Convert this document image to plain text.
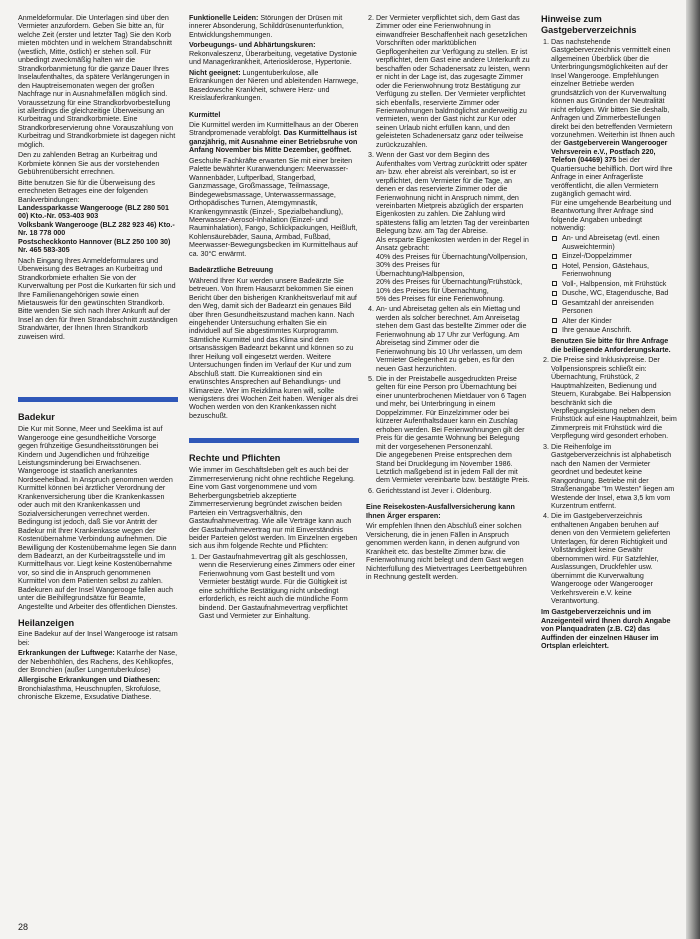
Anmeldeformular. Die Unterlagen sind über den Vermieter anzufordern. Geben Sie bitte an, für welche Zeit (erster und letzter Tag) Sie den Korb mieten möchten und in welchem Strandabschnitt (westlich, Mitte, östlich) er stehen soll. Für unbedingt zweckmäßig halten wir die Strandkorbanmietung für die ganze Dauer Ihres Inselaufenthaltes, da spätere Verlängerungen in den Hauptreisemonaten wegen der großen Nachfrage nur in Ausnahmefällen möglich sind. Voraussetzung für eine Strandkorbvorbestellung ist allerdings die gleichzeitige Überweisung an Kurbeitrag und Strandkorbmiete. Eine Strandkorbreservierung ohne Vorauszahlung von Kurbeitrag und Strandkorbmiete ist dagegen nicht möglich.

Den zu zahlenden Betrag an Kurbeitrag und Korbmiete können Sie aus der vorstehenden Gebührenübersicht errechnen.

Bitte benutzen Sie für die Überweisung des errechneten Betrages eine der folgenden Bankverbindungen:

Landessparkasse Wangerooge (BLZ 280 501 00) Kto.-Nr. 053-403 903

Volksbank Wangerooge (BLZ 282 923 46) Kto.-Nr. 18 778 000

Postscheckkonto Hannover (BLZ 250 100 30) Nr. 465 583-305

Nach Eingang Ihres Anmeldeformulares und Überweisung des Betrages an Kurbeitrag und Strandkorbmiete erhalten Sie von der Kurverwaltung per Post die Kurkarten für sich und Ihre Familienangehörigen sowie einen Mietausweis für den gewünschten Strandkorb. Bitte wenden Sie sich nach Ihrer Ankunft auf der Insel an den für Ihren Strandabschnitt zuständigen Strandwärter, der Ihnen Ihren Strandkorb zuweisen wird.

Badekur

Die Kur mit Sonne, Meer und Seeklima ist auf Wangerooge eine gesundheitliche Vorsorge gegen frühzeitige Gesundheitsstörungen bei Kindern und Jugendlichen und frühzeitige Leistungsminderung bei Erwachsenen. Wangerooge ist staatlich anerkanntes Nordseeheilbad. In Anspruch genommen werden Kurmittel können bei ärztlicher Verordnung der Krankenversicherung über die Krankenkassen oder auch mit den Krankenkassen und Sozialversicherungen verrechnet werden. Bedingung ist jedoch, daß Sie vor Antritt der Badekur mit Ihrer Krankenkasse wegen der Kostenübernahme Verbindung aufnehmen. Die Bewilligung der Kostenübernahme legen Sie dann dem Badearzt, an der Kurbeitragsstelle und im Kurmittelhaus vor. Liegt keine Kostenübernahme vor, so sind die in Anspruch genommenen Kurmittel von dem Patienten selbst zu zahlen. Badekuren auf der Insel Wangerooge fallen auch unter die Beihilfegrundsätze für Beamte, Angestellte und Arbeiter des öffentlichen Dienstes.

Heilanzeigen

Eine Badekur auf der Insel Wangerooge ist ratsam bei:

Erkrankungen der Luftwege: Katarrhe der Nase, der Nebenhöhlen, des Rachens, des Kehlkopfes, der Bronchien (außer Lungentuberkulose)

Allergische Erkrankungen und Diathesen: Bronchialasthma, Heuschnupfen, Skrofulose, chronische Ekzeme, Exsudative Diathese.

Funktionelle Leiden: Störungen der Drüsen mit innerer Absonderung, Schilddrüsenunterfunktion, Entwicklungshemmungen.

Vorbeugungs- und Abhärtungskuren: Rekonvaleszenz, Überarbeitung, vegetative Dystonie und Managerkrankheit, Arteriosklerose, Hypertonie.

Nicht geeignet: Lungentuberkulose, alle Erkrankungen der Nieren und ableitenden Harnwege, Basedowsche Krankheit, schwere Herz- und Kreislauferkrankungen.

Kurmittel

Die Kurmittel werden im Kurmittelhaus an der Oberen Strandpromenade verabfolgt. Das Kurmittelhaus ist ganzjährig, mit Ausnahme einer Betriebsruhe von Anfang November bis Mitte Dezember, geöffnet.

Geschulte Fachkräfte erwarten Sie mit einer breiten Palette bewährter Kuranwendungen: Meerwasser-Wannenbäder, Luftperlbad, Stangerbad, Ganzmassage, Großmassage, Teilmassage, Bindegewebsmassage, Unterwassermassage, Orthopädisches Turnen, Atemgymnastik, Krankengymnastik (Einzel-, Spezialbehandlung), Meerwasser-Aerosol-Inhalation (Einzel- und Rauminhalation), Fango, Schlickpackungen, Heißluft, Kohlensäurebäder, Sauna, Armbad, Fußbad, Meerwasser-Bewegungsbecken im Kurmittelhaus auf ca. 30°C erwärmt.

Badeärztliche Betreuung

Während Ihrer Kur werden unsere Badeärzte Sie betreuen. Von Ihrem Hausarzt bekommen Sie einen Bericht über den bisherigen Krankheitsverlauf mit auf den Weg, damit sich der Badearzt ein genaues Bild über Ihren Gesundheitszustand machen kann. Nach eingehender Untersuchung erhalten Sie ein individuell auf Sie abgestimmtes Kurprogramm. Sämtliche Kurmittel und das Klima sind dem ortsansässigen Badearzt bekannt und können so zu Ihrer Heilung voll eingesetzt werden. Weitere Untersuchungen finden im Verlauf der Kur und zum Abschluß statt. Die Kurreaktionen sind ein erwünschtes Ansprechen auf Behandlungs- und Klimareize. Wer im Reizklima kuren will, sollte wenigstens drei Wochen Zeit haben. Weniger als drei Wochen werden von den Krankenkassen nicht bezuschußt.

Rechte und Pflichten

Wie immer im Geschäftsleben gelt es auch bei der Zimmerreservierung nicht ohne rechtliche Regelung. Eine vom Gast vorgenommene und vom Beherbergungsbetrieb akzeptierte Zimmerreservierung begründet zwischen beiden Parteien ein Vertragsverhältnis, den Gastaufnahmevertrag. Wie alle Verträge kann auch der Gastaufnahmevertrag nur mit Einverständnis beider Parteien gelöst werden. Im Einzelnen ergeben sich aus ihm folgende Rechte und Pflichten:

1. Der Gastaufnahmevertrag gilt als geschlossen, wenn die Reservierung eines Zimmers oder einer Ferienwohnung vom Gast bestellt und vom Vermieter bestätigt wurde. Für die Gültigkeit ist eine schriftliche Bestätigung nicht unbedingt erforderlich, es reicht auch die mündliche Form bindend. Der Gastaufnahmevertrag verpflichtet Gast und Vermieter zur Einhaltung.
2. Der Vermieter verpflichtet sich, dem Gast das Zimmer oder eine Ferienwohnung in einwandfreier Beschaffenheit nach gesetzlichen Vorschriften oder marktüblichen Gepflogenheiten zur Verfügung zu stellen. Er ist verpflichtet, dem Gast eine andere Unterkunft zu beschaffen oder Schadenersatz zu leisten, wenn er nicht in der Lage ist, das zugesagte Zimmer oder die Ferienwohnung trotz Bestätigung zur Verfügung zu stellen. Der Vermieter verpflichtet sich ebenfalls, reservierte Zimmer oder Ferienwohnungen baldmöglichst anderweitig zu vermieten, wenn der Gast nicht zur Kur oder seinen Urlaub nicht erfüllen kann, und den geleisteten Schadenersatz ganz oder teilweise zurückzuzahlen.
3. Wenn der Gast vor dem Beginn des Aufenthaltes vom Vertrag zurücktritt oder später an- bzw. eher abreist als vereinbart, so ist er verpflichtet, dem Vermieter für die Tage, an denen er das reservierte Zimmer oder die Ferienwohnung nicht in Anspruch nimmt, den vereinbarten Mietpreis abzüglich der ersparten Eigenkosten zu zahlen. Die Zahlung wird spätestens fällig am letzten Tag der vereinbarten Belegung bzw. am Tag der Abreise.
Als ersparte Eigenkosten werden in der Regel in Ansatz gebracht:
40% des Preises für Übernachtung/Vollpension,
30% des Preises für Übernachtung/Halbpension,
20% des Preises für Übernachtung/Frühstück,
10% des Preises für Übernachtung,
5% des Preises für eine Ferienwohnung.
4. An- und Abreisetag gelten als ein Miettag und werden als solcher berechnet. Am Anreisetag stehen dem Gast das bestellte Zimmer oder die Ferienwohnung ab 17 Uhr zur Verfügung. Am Abreisetag sind Zimmer oder die Ferienwohnung bis 10 Uhr verlassen, um dem Vermieter Gelegenheit zu geben, es für den neuen Gast herzurichten.
5. Die in der Preistabelle ausgedruckten Preise gelten für eine Person pro Übernachtung bei einer ununterbrochenen Mietdauer von 6 Tagen und mehr, bei Unterbringung in einem Doppelzimmer. Für Einzelzimmer oder bei kürzerer Aufenthaltsdauer kann ein Zuschlag erhoben werden. Bei Ferienwohnungen gilt der Preis für die gesamte Wohnung bei Belegung mit der vorgesehenen Personenzahl.
Die angegebenen Preise entsprechen dem Stand bei Drucklegung im November 1986. Letztlich maßgebend ist in jedem Fall der mit dem Vermieter vereinbarte bzw. bestätigte Preis.
6. Gerichtsstand ist Jever i. Oldenburg.

Eine Reisekosten-Ausfallversicherung kann Ihnen Ärger ersparen:

Wir empfehlen Ihnen den Abschluß einer solchen Versicherung, die in jenen Fällen in Anspruch genommen werden kann, in denen aufgrund von Krankheit etc. das bestellte Zimmer bzw. die Ferienwohnung nicht belegt und dem Gast wegen Nichterfüllung des Mietvertrages Leerbettgebühren in Rechnung gestellt werden.

Hinweise zum Gastgeberverzeichnis

1. Das nachstehende Gastgeberverzeichnis vermittelt einen allgemeinen Überblick über die Unterbringungsmöglichkeiten auf der Insel Wangerooge. Empfehlungen einzelner Betriebe werden grundsätzlich von der Kurverwaltung können aus Gründen der Neutralität nicht erfolgen. Wir bitten Sie deshalb, Anfragen und Zimmerbestellungen direkt bei den betreffenden Vermietern vorzunehmen. Weiterhin ist Ihnen auch der Gastgeberverein Wangerooger Vehrsverein e.V., Postfach 220, Telefon (04469) 375 bei der Quartiersuche behilflich. Dort wird Ihre Anfrage in einer Anfragerliste veröffentlicht, die allen Vermietern zugänglich gemacht wird.
Für eine umgehende Bearbeitung und Beantwortung Ihrer Anfrage sind folgende Angaben unbedingt notwendig:
An- und Abreisetag (evtl. einen Ausweichtermin)
Einzel-/Doppelzimmer
Hotel, Pension, Gästehaus, Ferienwohnung
Voll-, Halbpension, mit Frühstück
Dusche, WC, Etagendusche, Bad
Gesamtzahl der anreisenden Personen
Alter der Kinder
Ihre genaue Anschrift.
Benutzen Sie bitte für Ihre Anfrage die beiliegende Anforderungskarte.
2. Die Preise sind Inklusivpreise. Der Vollpensionspreis schließt ein: Übernachtung, Frühstück, 2 Hauptmahlzeiten, Bedienung und Steuern, Kurabgabe. Bei Halbpension beschränkt sich die Verpflegungsleistung neben dem Frühstück auf eine Hauptmahlzeit, beim Zimmerpreis mit Frühstück wird die Verpflegung wird gesondert erhoben.
3. Die Reihenfolge im Gastgeberverzeichnis ist alphabetisch nach den Namen der Vermieter geordnet und bedeutet keine Rangordnung. Betriebe mit der Straßenangabe "Im Westen" liegen am Westende der Insel, etwa 3,5 km vom Kurzentrum entfernt.
4. Die im Gastgeberverzeichnis enthaltenen Angaben beruhen auf denen von den Vermietern gelieferten Unterlagen, für deren Richtigkeit und Vollständigkeit keine Gewähr übernommen wird. Für Satzfehler, Auslassungen, Druckfehler usw. übernimmt die Kurverwaltung Wangerooge oder Wangerooger Verkehrsverein e.V. keine Verantwortung.

Im Gastgeberverzeichnis und im Anzeigenteil wird Ihnen durch Angabe von Planquadraten (z.B. C2) das Auffinden der einzelnen Häuser im Ortsplan erleichtert.

28
